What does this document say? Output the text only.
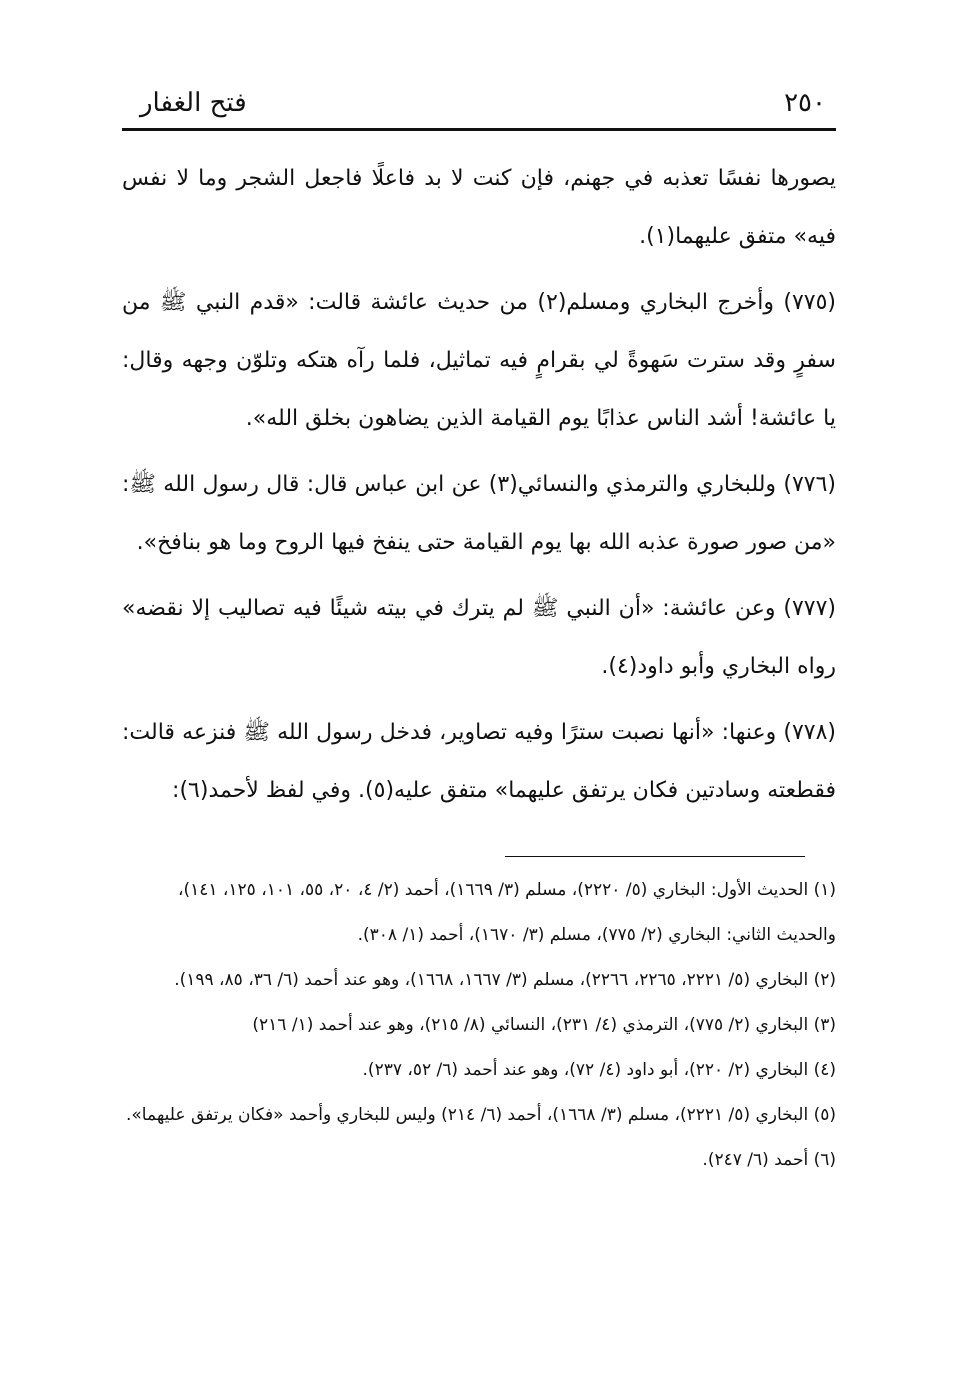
فتح الغفار	٢٥٠

يصورها نفسًا تعذبه في جهنم، فإن كنت لا بد فاعلًا فاجعل الشجر وما لا نفس فيه» متفق عليهما(١).

(٧٧٥) وأخرج البخاري ومسلم(٢) من حديث عائشة قالت: «قدم النبي ﷺ من سفرٍ وقد سترت سَهوةً لي بقرامٍ فيه تماثيل، فلما رآه هتكه وتلوّن وجهه وقال: يا عائشة! أشد الناس عذابًا يوم القيامة الذين يضاهون بخلق الله».

(٧٧٦) وللبخاري والترمذي والنسائي(٣) عن ابن عباس قال: قال رسول الله ﷺ: «من صور صورة عذبه الله بها يوم القيامة حتى ينفخ فيها الروح وما هو بنافخ».

(٧٧٧) وعن عائشة: «أن النبي ﷺ لم يترك في بيته شيئًا فيه تصاليب إلا نقضه» رواه البخاري وأبو داود(٤).

(٧٧٨) وعنها: «أنها نصبت سترًا وفيه تصاوير، فدخل رسول الله ﷺ فنزعه قالت: فقطعته وسادتين فكان يرتفق عليهما» متفق عليه(٥). وفي لفظ لأحمد(٦):

(١) الحديث الأول: البخاري (٥/ ٢٢٢٠)، مسلم (٣/ ١٦٦٩)، أحمد (٢/ ٤، ٢٠، ٥٥، ١٠١، ١٢٥، ١٤١)، والحديث الثاني: البخاري (٢/ ٧٧٥)، مسلم (٣/ ١٦٧٠)، أحمد (١/ ٣٠٨).

(٢) البخاري (٥/ ٢٢٢١، ٢٢٦٥، ٢٢٦٦)، مسلم (٣/ ١٦٦٧، ١٦٦٨)، وهو عند أحمد (٦/ ٣٦، ٨٥، ١٩٩).

(٣) البخاري (٢/ ٧٧٥)، الترمذي (٤/ ٢٣١)، النسائي (٨/ ٢١٥)، وهو عند أحمد (١/ ٢١٦)

(٤) البخاري (٢/ ٢٢٠)، أبو داود (٤/ ٧٢)، وهو عند أحمد (٦/ ٥٢، ٢٣٧).

(٥) البخاري (٥/ ٢٢٢١)، مسلم (٣/ ١٦٦٨)، أحمد (٦/ ٢١٤) وليس للبخاري وأحمد «فكان يرتفق عليهما».

(٦) أحمد (٦/ ٢٤٧).
